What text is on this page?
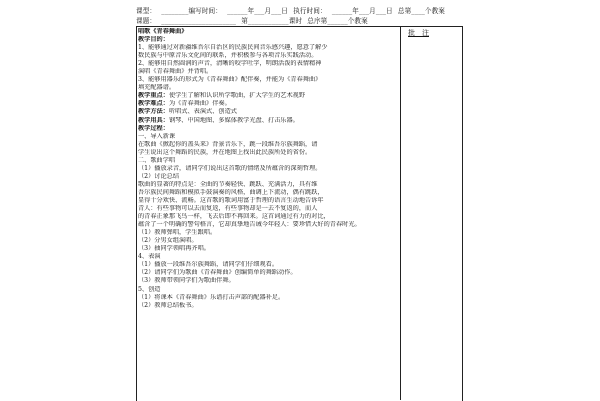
课型： ________编写时间： ______年___月___日 执行时间： ______年___月___日 总第____个教案
课题： ______________________ 第____________课时 总序第______个教案
批　注
唱歌《青春舞曲》
教学目的：
1、能够通过对新疆维吾尔自治区的民族民间音乐感兴趣，愿意了解少
数民族与中原音乐文化间的联系，并积极参与各项音乐实践活动。
2、能够用自然圆润的声音，清晰的咬字吐字，明朗活泼的表情精神
演唱《青春舞曲》并背唱。
3、能够用器乐的形式为《青春舞曲》配伴奏，并能为《青春舞曲》
填充配器谱。
教学重点：使学生了解和认识所学歌曲，扩大学生的艺术视野
教学难点：为《青春舞曲》伴奏。
教学方法：听唱式、表演式、创造式
教学用具：钢琴、中国地图、多媒体教学光盘、打击乐器。
教学过程：
一、导入新课
在歌曲《掀起你的盖头来》背景音乐下，跳一段维吾尔族舞蹈，请
学生说出这个舞蹈的民族，并在地图上找出此民族所处的省份。
二、歌曲学唱
（1）播放录音，请同学们说出这首歌的情绪及所蕴含的深刻哲理。
（2）讨论总结
歌曲的显著的特点是：全曲的节奏轻快、跳跃、充满活力，具有维
吾尔族民间舞蹈和模拟手鼓演奏的风格，曲调上下流动，偶有跳跃，
显得十分欢快、流畅。这首歌的歌词用富于哲理的语言生动地告诉年
青人：有些事物可以去而复返，有些事物却是一去不复返的，而人
的青春正象那飞鸟一样，飞去后即不再回来。这首词通过有力的对比，
蕴含了一个明确的警句格言，它却真挚地告诫今年轻人：要珍惜大好的青春时光。
（1）教师弹唱，学生跟唱。
（2）分男女组演唱。
（3）抽同学领唱再齐唱。
4、表演
（1）播放一段维吾尔族舞蹈，请同学们仔细观看。
（2）请同学们为歌曲《青春舞曲》创编简单的舞蹈动作。
（3）教师带领同学们为歌曲伴舞。
5、创造
（1）将课本《青春舞曲》乐谱打击声部的配器补足。
（2）教师总结板书。
